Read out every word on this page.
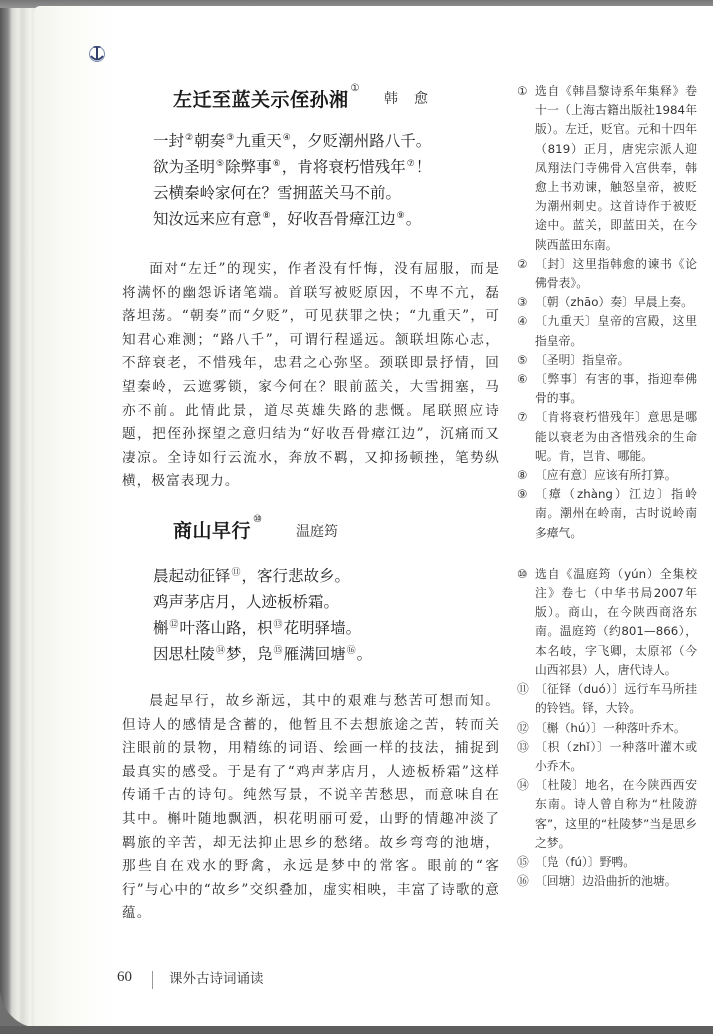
左迁至蓝关示侄孙湘①
韩愈
一封②朝奏③九重天④，夕贬潮州路八千。
欲为圣明⑤除弊事⑥，肯将衰朽惜残年⑦！
云横秦岭家何在？雪拥蓝关马不前。
知汝远来应有意⑧，好收吾骨瘴江边⑨。

面对“左迁”的现实，作者没有忏悔，没有屈服，而是将满怀的幽怨诉诸笔端。首联写被贬原因，不卑不亢，磊落坦荡。“朝奏”而“夕贬”，可见获罪之快；“九重天”，可知君心难测；“路八千”，可谓行程遥远。颔联坦陈心志，不辞衰老，不惜残年，忠君之心弥坚。颈联即景抒情，回望秦岭，云遮雾锁，家今何在？眼前蓝关，大雪拥塞，马亦不前。此情此景，道尽英雄失路的悲慨。尾联照应诗题，把侄孙探望之意归结为“好收吾骨瘴江边”，沉痛而又凄凉。全诗如行云流水，奔放不羁，又抑扬顿挫，笔势纵横，极富表现力。

商山早行⑩
温庭筠
晨起动征铎⑪，客行悲故乡。
鸡声茅店月，人迹板桥霜。
槲⑫叶落山路，枳⑬花明驿墙。
因思杜陵⑭梦，凫⑮雁满回塘⑯。

晨起早行，故乡渐远，其中的艰难与愁苦可想而知。但诗人的感情是含蓄的，他暂且不去想旅途之苦，转而关注眼前的景物，用精练的词语、绘画一样的技法，捕捉到最真实的感受。于是有了“鸡声茅店月，人迹板桥霜”这样传诵千古的诗句。纯然写景，不说辛苦愁思，而意味自在其中。槲叶随地飘洒，枳花明丽可爱，山野的情趣冲淡了羁旅的辛苦，却无法抑止思乡的愁绪。故乡弯弯的池塘，那些自在戏水的野禽，永远是梦中的常客。眼前的“客行”与心中的“故乡”交织叠加，虚实相映，丰富了诗歌的意蕴。

① 选自《韩昌黎诗系年集释》卷十一（上海古籍出版社1984年版）。左迁，贬官。元和十四年（819）正月，唐宪宗派人迎凤翔法门寺佛骨入宫供奉，韩愈上书劝谏，触怒皇帝，被贬为潮州刺史。这首诗作于被贬途中。蓝关，即蓝田关，在今陕西蓝田东南。
② 〔封〕这里指韩愈的谏书《论佛骨表》。
③ 〔朝（zhāo）奏〕早晨上奏。
④ 〔九重天〕皇帝的宫殿，这里指皇帝。
⑤ 〔圣明〕指皇帝。
⑥ 〔弊事〕有害的事，指迎奉佛骨的事。
⑦ 〔肯将衰朽惜残年〕意思是哪能以衰老为由吝惜残余的生命呢。肯，岂肯、哪能。
⑧ 〔应有意〕应该有所打算。
⑨ 〔瘴（zhàng）江边〕指岭南。潮州在岭南，古时说岭南多瘴气。
⑩ 选自《温庭筠（yún）全集校注》卷七（中华书局2007年版）。商山，在今陕西商洛东南。温庭筠（约801—866），本名岐，字飞卿，太原祁（今山西祁县）人，唐代诗人。
⑪ 〔征铎（duó）〕远行车马所挂的铃铛。铎，大铃。
⑫ 〔槲（hú）〕一种落叶乔木。
⑬ 〔枳（zhǐ）〕一种落叶灌木或小乔木。
⑭ 〔杜陵〕地名，在今陕西西安东南。诗人曾自称为“杜陵游客”，这里的“杜陵梦”当是思乡之梦。
⑮ 〔凫（fú）〕野鸭。
⑯ 〔回塘〕边沿曲折的池塘。
60	课外古诗词诵读
